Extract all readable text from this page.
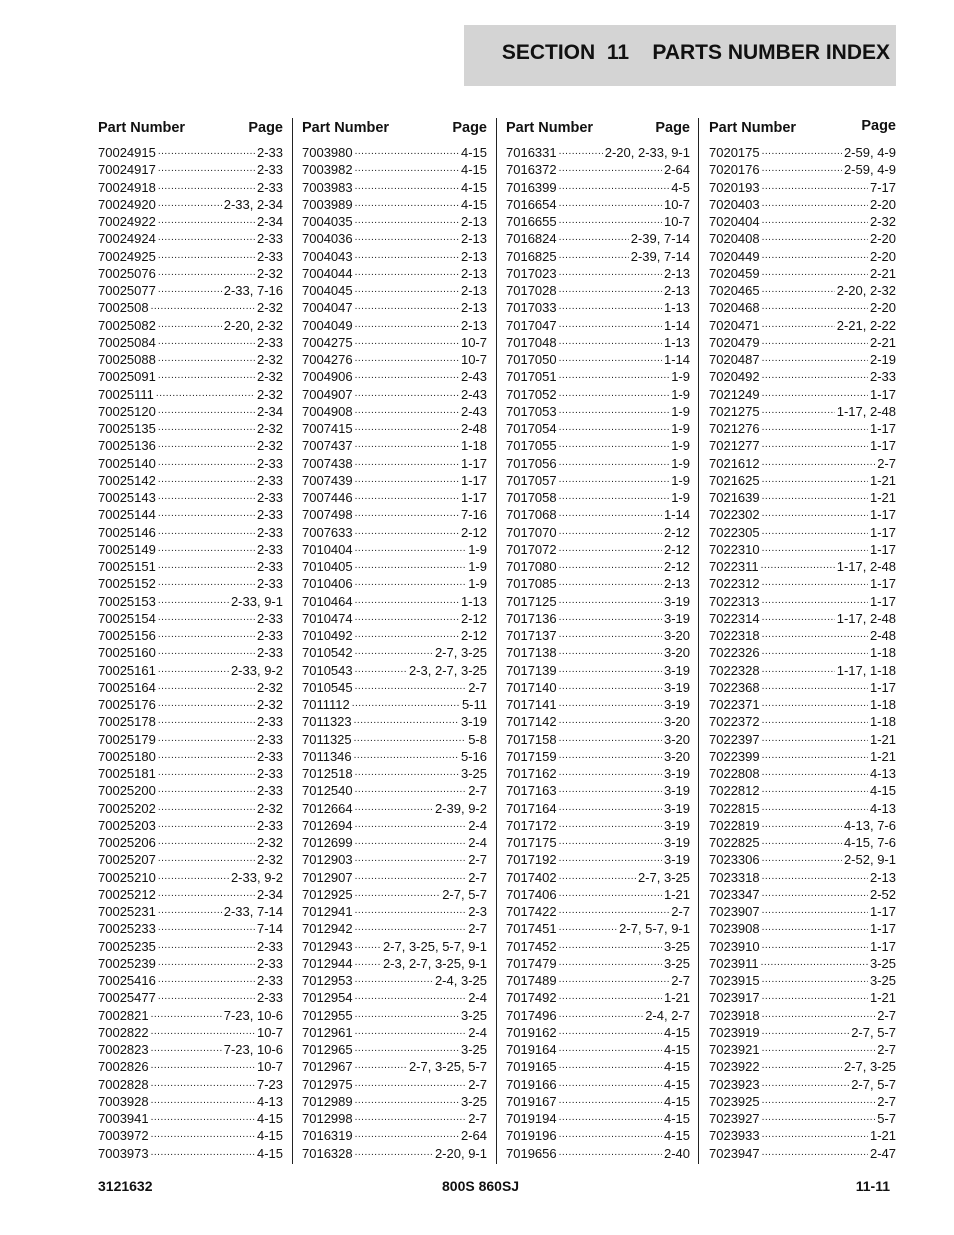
SECTION  11    PARTS NUMBER INDEX
Part Number	Page
70024915 .....	2-33
70024917 .....	2-33
70024918 .....	2-33
70024920 .....	2-33, 2-34
70024922 .....	2-34
70024924 .....	2-33
70024925 .....	2-33
70025076 .....	2-32
70025077 .....	2-33, 7-16
7002508 .....	2-32
70025082 .....	2-20, 2-32
70025084 .....	2-33
70025088 .....	2-32
70025091 .....	2-32
70025111 .....	2-32
70025120 .....	2-34
70025135 .....	2-32
70025136 .....	2-32
70025140 .....	2-33
70025142 .....	2-33
70025143 .....	2-33
70025144 .....	2-33
70025146 .....	2-33
70025149 .....	2-33
70025151 .....	2-33
70025152 .....	2-33
70025153 .....	2-33, 9-1
70025154 .....	2-33
70025156 .....	2-33
70025160 .....	2-33
70025161 .....	2-33, 9-2
70025164 .....	2-32
70025176 .....	2-32
70025178 .....	2-33
70025179 .....	2-33
70025180 .....	2-33
70025181 .....	2-33
70025200 .....	2-33
70025202 .....	2-32
70025203 .....	2-33
70025206 .....	2-32
70025207 .....	2-32
70025210 .....	2-33, 9-2
70025212 .....	2-34
70025231 .....	2-33, 7-14
70025233 .....	7-14
70025235 .....	2-33
70025239 .....	2-33
70025416 .....	2-33
70025477 .....	2-33
7002821 .....	7-23, 10-6
7002822 .....	10-7
7002823 .....	7-23, 10-6
7002826 .....	10-7
7002828 .....	7-23
7003928 .....	4-13
7003941 .....	4-15
7003972 .....	4-15
7003973 .....	4-15
Part Number	Page
7003980 .....	4-15
7003982 .....	4-15
7003983 .....	4-15
7003989 .....	4-15
7004035 .....	2-13
7004036 .....	2-13
7004043 .....	2-13
7004044 .....	2-13
7004045 .....	2-13
7004047 .....	2-13
7004049 .....	2-13
7004275 .....	10-7
7004276 .....	10-7
7004906 .....	2-43
7004907 .....	2-43
7004908 .....	2-43
7007415 .....	2-48
7007437 .....	1-18
7007438 .....	1-17
7007439 .....	1-17
7007446 .....	1-17
7007498 .....	7-16
7007633 .....	2-12
7010404 .....	1-9
7010405 .....	1-9
7010406 .....	1-9
7010464 .....	1-13
7010474 .....	2-12
7010492 .....	2-12
7010542 .....	2-7, 3-25
7010543 .....	2-3, 2-7, 3-25
7010545 .....	2-7
7011112 .....	5-11
7011323 .....	3-19
7011325 .....	5-8
7011346 .....	5-16
7012518 .....	3-25
7012540 .....	2-7
7012664 .....	2-39, 9-2
7012694 .....	2-4
7012699 .....	2-4
7012903 .....	2-7
7012907 .....	2-7
7012925 .....	2-7, 5-7
7012941 .....	2-3
7012942 .....	2-7
7012943 ..... 2-7, 3-25, 5-7, 9-1
7012944 ..... 2-3, 2-7, 3-25, 9-1
7012953 .....	2-4, 3-25
7012954 .....	2-4
7012955 .....	3-25
7012961 .....	2-4
7012965 .....	3-25
7012967 .....	2-7, 3-25, 5-7
7012975 .....	2-7
7012989 .....	3-25
7012998 .....	2-7
7016319 .....	2-64
7016328 .....	2-20, 9-1
Part Number	Page
7016331 .....	2-20, 2-33, 9-1
7016372 .....	2-64
7016399 .....	4-5
7016654 .....	10-7
7016655 .....	10-7
7016824 .....	2-39, 7-14
7016825 .....	2-39, 7-14
7017023 .....	2-13
7017028 .....	2-13
7017033 .....	1-13
7017047 .....	1-14
7017048 .....	1-13
7017050 .....	1-14
7017051 .....	1-9
7017052 .....	1-9
7017053 .....	1-9
7017054 .....	1-9
7017055 .....	1-9
7017056 .....	1-9
7017057 .....	1-9
7017058 .....	1-9
7017068 .....	1-14
7017070 .....	2-12
7017072 .....	2-12
7017080 .....	2-12
7017085 .....	2-13
7017125 .....	3-19
7017136 .....	3-19
7017137 .....	3-20
7017138 .....	3-20
7017139 .....	3-19
7017140 .....	3-19
7017141 .....	3-19
7017142 .....	3-20
7017158 .....	3-20
7017159 .....	3-20
7017162 .....	3-19
7017163 .....	3-19
7017164 .....	3-19
7017172 .....	3-19
7017175 .....	3-19
7017192 .....	3-19
7017402 .....	2-7, 3-25
7017406 .....	1-21
7017422 .....	2-7
7017451 .....	2-7, 5-7, 9-1
7017452 .....	3-25
7017479 .....	3-25
7017489 .....	2-7
7017492 .....	1-21
7017496 .....	2-4, 2-7
7019162 .....	4-15
7019164 .....	4-15
7019165 .....	4-15
7019166 .....	4-15
7019167 .....	4-15
7019194 .....	4-15
7019196 .....	4-15
7019656 .....	2-40
Part Number	Page
7020175 .....	2-59, 4-9
7020176 .....	2-59, 4-9
7020193 .....	7-17
7020403 .....	2-20
7020404 .....	2-32
7020408 .....	2-20
7020449 .....	2-20
7020459 .....	2-21
7020465 .....	2-20, 2-32
7020468 .....	2-20
7020471 .....	2-21, 2-22
7020479 .....	2-21
7020487 .....	2-19
7020492 .....	2-33
7021249 .....	1-17
7021275 .....	1-17, 2-48
7021276 .....	1-17
7021277 .....	1-17
7021612 .....	2-7
7021625 .....	1-21
7021639 .....	1-21
7022302 .....	1-17
7022305 .....	1-17
7022310 .....	1-17
7022311 .....	1-17, 2-48
7022312 .....	1-17
7022313 .....	1-17
7022314 .....	1-17, 2-48
7022318 .....	2-48
7022326 .....	1-18
7022328 .....	1-17, 1-18
7022368 .....	1-17
7022371 .....	1-18
7022372 .....	1-18
7022397 .....	1-21
7022399 .....	1-21
7022808 .....	4-13
7022812 .....	4-15
7022815 .....	4-13
7022819 .....	4-13, 7-6
7022825 .....	4-15, 7-6
7023306 .....	2-52, 9-1
7023318 .....	2-13
7023347 .....	2-52
7023907 .....	1-17
7023908 .....	1-17
7023910 .....	1-17
7023911 .....	3-25
7023915 .....	3-25
7023917 .....	1-21
7023918 .....	2-7
7023919 .....	2-7, 5-7
7023921 .....	2-7
7023922 .....	2-7, 3-25
7023923 .....	2-7, 5-7
7023925 .....	2-7
7023927 .....	5-7
7023933 .....	1-21
7023947 .....	2-47
3121632	800S 860SJ	11-11
